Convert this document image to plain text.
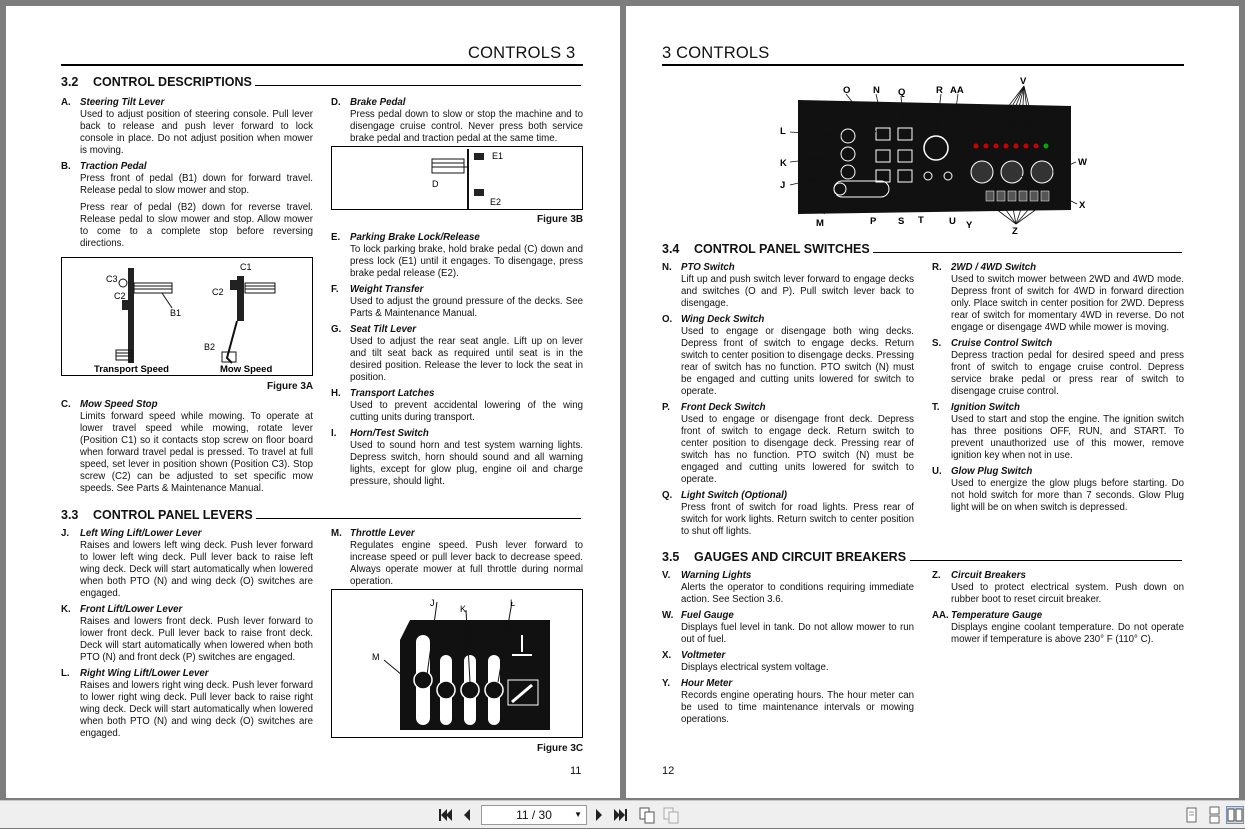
CONTROLS 3
3.2 CONTROL DESCRIPTIONS
A. Steering Tilt Lever
Used to adjust position of steering console. Pull lever back to release and push lever forward to lock console in place. Do not adjust position when mower is moving.
B. Traction Pedal
Press front of pedal (B1) down for forward travel. Release pedal to slow mower and stop.
Press rear of pedal (B2) down for reverse travel. Release pedal to slow mower and stop. Allow mower to come to a complete stop before reversing directions.
C3
C2
B1
C1
C2
B2
Transport Speed	Mow Speed
Figure 3A
C. Mow Speed Stop
Limits forward speed while mowing. To operate at lower travel speed while mowing, rotate lever (Position C1) so it contacts stop screw on floor board when forward travel pedal is pressed. To travel at full speed, set lever in position shown (Position C3). Stop screw (C2) can be adjusted to set specific mow speeds. See Parts & Maintenance Manual.
D. Brake Pedal
Press pedal down to slow or stop the machine and to disengage cruise control. Never press both service brake pedal and traction pedal at the same time.
E1
D
E2
Figure 3B
E.	Parking Brake Lock/Release
To lock parking brake, hold brake pedal (C) down and press lock (E1) until it engages. To disengage, press brake pedal release (E2).
F.	Weight Transfer
Used to adjust the ground pressure of the decks. See Parts & Maintenance Manual.
G. Seat Tilt Lever
Used to adjust the rear seat angle. Lift up on lever and tilt seat back as required until seat is in the desired position. Release the lever to lock the seat in position.
H. Transport Latches
Used to prevent accidental lowering of the wing cutting units during transport.
I.	Horn/Test Switch
Used to sound horn and test system warning lights. Depress switch, horn should sound and all warning lights, except for glow plug, engine oil and charge pressure, should light.
3.3 CONTROL PANEL LEVERS
J.	Left Wing Lift/Lower Lever
Raises and lowers left wing deck. Push lever forward to lower left wing deck. Pull lever back to raise left wing deck. Deck will start automatically when lowered when both PTO (N) and wing deck (O) switches are engaged.
K. Front Lift/Lower Lever
Raises and lowers front deck. Push lever forward to lower front deck. Pull lever back to raise front deck. Deck will start automatically when lowered when both PTO (N) and front deck (P) switches are engaged.
L.	Right Wing Lift/Lower Lever
Raises and lowers right wing deck. Push lever forward to lower right wing deck. Pull lever back to raise right wing deck. Deck will start automatically when lowered when both PTO (N) and wing deck (O) switches are engaged.
M. Throttle Lever
Regulates engine speed. Push lever forward to increase speed or pull lever back to decrease speed. Always operate mower at full throttle during normal operation.
J
K
L
M
Figure 3C
11
3 CONTROLS
O N Q	R AA
V
L
K
J
W
X
M	P S T	U Y
Z
3.4 CONTROL PANEL SWITCHES
N. PTO Switch
Lift up and push switch lever forward to engage decks and switches (O and P). Pull switch lever back to disengage.
O. Wing Deck Switch
Used to engage or disengage both wing decks. Depress front of switch to engage decks. Return switch to center position to disengage decks. Pressing rear of switch has no function. PTO switch (N) must be engaged and cutting units lowered for switch to operate.
P.	Front Deck Switch
Used to engage or disengage front deck. Depress front of switch to engage deck. Return switch to center position to disengage deck. Pressing rear of switch has no function. PTO switch (N) must be engaged and cutting units lowered for switch to operate.
Q. Light Switch (Optional)
Press front of switch for road lights. Press rear of switch for work lights. Return switch to center position to shut off lights.
R. 2WD / 4WD Switch
Used to switch mower between 2WD and 4WD mode. Depress front of switch for 4WD in forward direction only. Place switch in center position for 2WD. Depress rear of switch for momentary 4WD in reverse. Do not engage or disengage 4WD while mower is moving.
S.	Cruise Control Switch
Depress traction pedal for desired speed and press front of switch to engage cruise control. Depress service brake pedal or press rear of switch to disengage cruise control.
T.	Ignition Switch
Used to start and stop the engine. The ignition switch has three positions OFF, RUN, and START. To prevent unauthorized use of this mower, remove ignition key when not in use.
U. Glow Plug Switch
Used to energize the glow plugs before starting. Do not hold switch for more than 7 seconds. Glow Plug light will be on when switch is depressed.
3.5 GAUGES AND CIRCUIT BREAKERS
V.	Warning Lights
Alerts the operator to conditions requiring immediate action. See Section 3.6.
W. Fuel Gauge
Displays fuel level in tank. Do not allow mower to run out of fuel.
X.	Voltmeter
Displays electrical system voltage.
Y.	Hour Meter
Records engine operating hours. The hour meter can be used to time maintenance intervals or mowing operations.
Z.	Circuit Breakers
Used to protect electrical system. Push down on rubber boot to reset circuit breaker.
AA. Temperature Gauge
Displays engine coolant temperature. Do not operate mower if temperature is above 230° F (110° C).
12
11 / 30	▼
